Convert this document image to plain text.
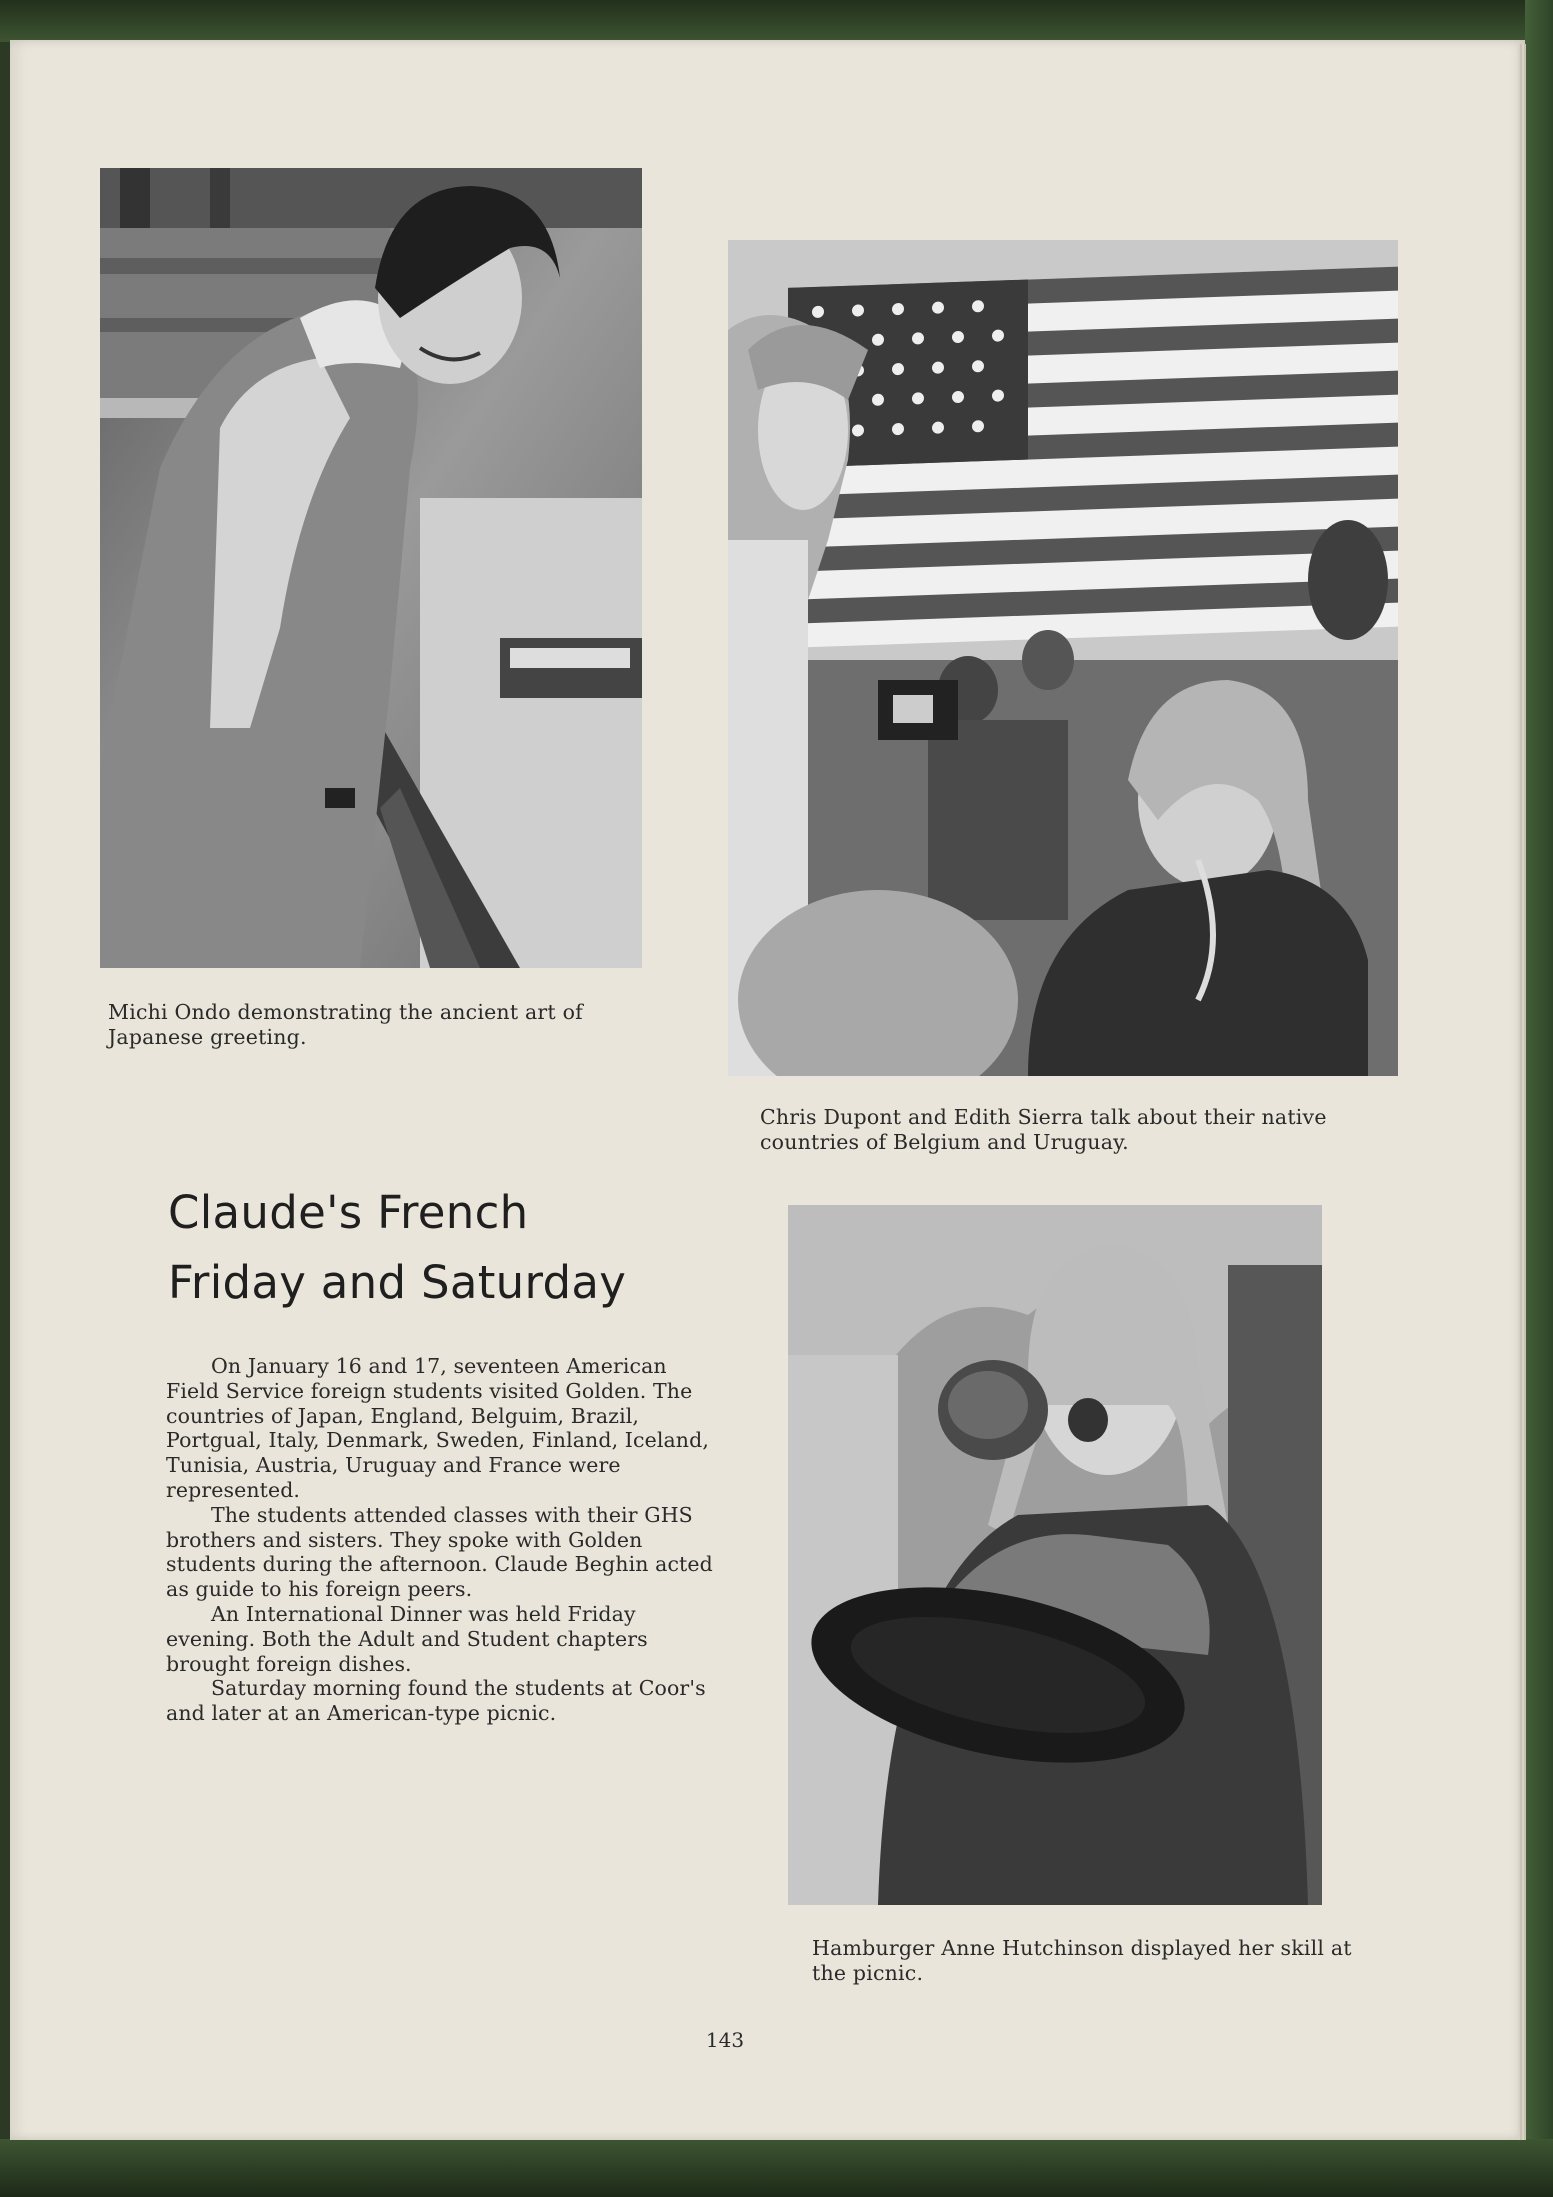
Michi Ondo demonstrating the ancient art of Japanese greeting.
Chris Dupont and Edith Sierra talk about their native countries of Belgium and Uruguay.
Claude's French
Friday and Saturday

On January 16 and 17, seventeen American Field Service foreign students visited Golden. The countries of Japan, England, Belguim, Brazil, Portgual, Italy, Denmark, Sweden, Finland, Iceland, Tunisia, Austria, Uruguay and France were represented.

The students attended classes with their GHS brothers and sisters. They spoke with Golden students during the afternoon. Claude Beghin acted as guide to his foreign peers.

An International Dinner was held Friday evening. Both the Adult and Student chapters brought foreign dishes.

Saturday morning found the students at Coor's and later at an American-type picnic.

Hamburger Anne Hutchinson displayed her skill at the picnic.
143
